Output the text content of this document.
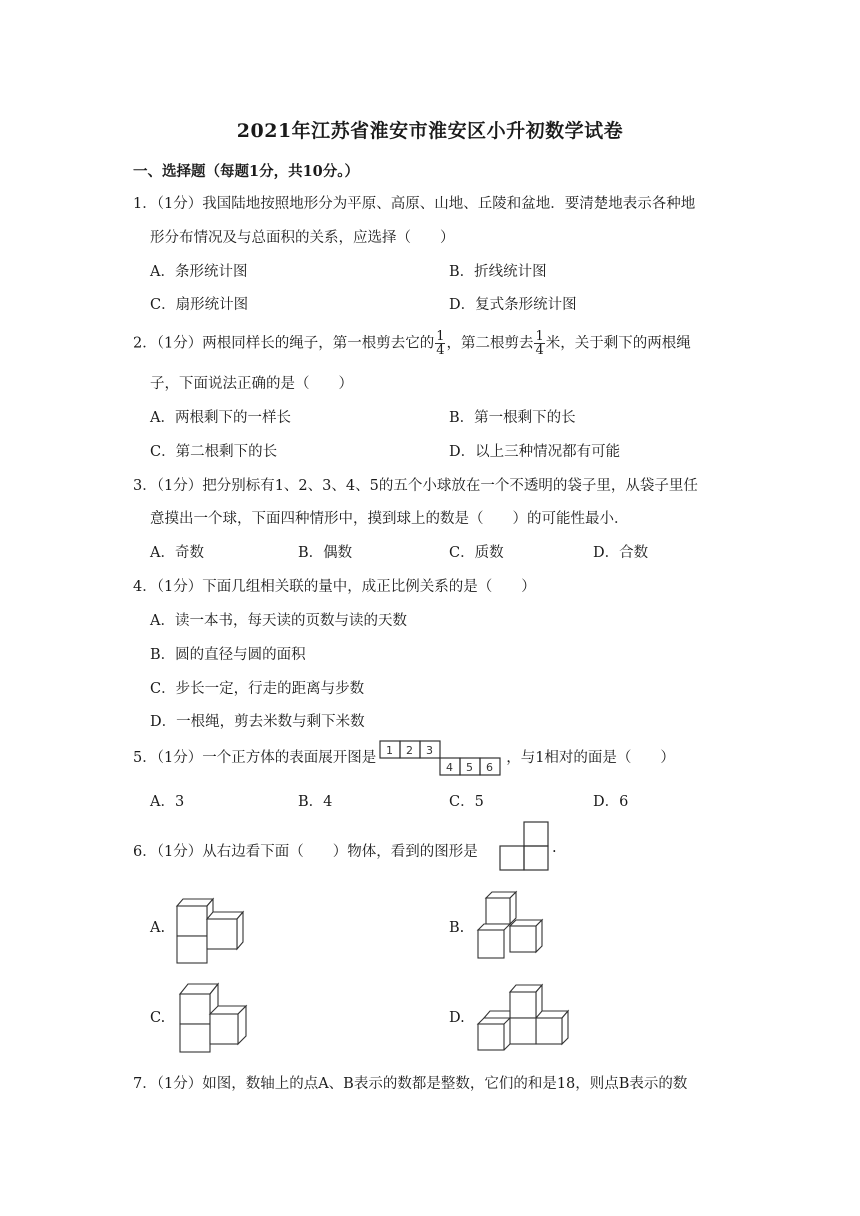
2021年江苏省淮安市淮安区小升初数学试卷
一、选择题（每题1分，共10分。）
1．（1分）我国陆地按照地形分为平原、高原、山地、丘陵和盆地．要清楚地表示各种地
形分布情况及与总面积的关系，应选择（　　）
A．条形统计图	B．折线统计图
C．扇形统计图	D．复式条形统计图
2．（1分）两根同样长的绳子，第一根剪去它的 $\frac{1}{4}$ ，第二根剪去 $\frac{1}{4}$ 米，关于剩下的两根绳
子，下面说法正确的是（　　）
A．两根剩下的一样长	B．第一根剩下的长
C．第二根剩下的长	D．以上三种情况都有可能
3．（1分）把分别标有1、2、3、4、5的五个小球放在一个不透明的袋子里，从袋子里任
意摸出一个球，下面四种情形中，摸到球上的数是（　　）的可能性最小．
A．奇数	B．偶数	C．质数	D．合数
4．（1分）下面几组相关联的量中，成正比例关系的是（　　）
A．读一本书，每天读的页数与读的天数
B．圆的直径与圆的面积
C．步长一定，行走的距离与步数
D．一根绳，剪去米数与剩下米数
5．（1分）一个正方体的表面展开图是 1 2 3
4 5 6
，与1相对的面是（　　）
A．3	B．4	C．5	D．6
6．（1分）从右边看下面（　　）物体，看到的图形是	.
A.	B.
C.	D.
7．（1分）如图，数轴上的点A、B表示的数都是整数，它们的和是18，则点B表示的数
